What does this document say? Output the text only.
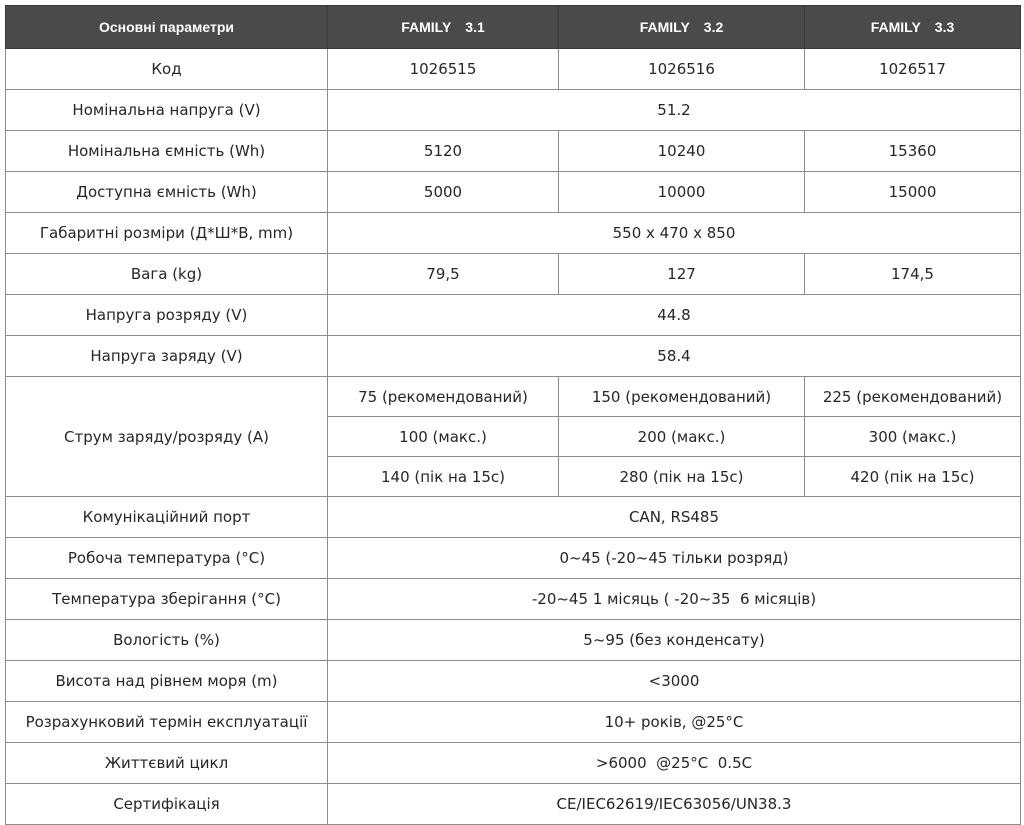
Основні параметри	FAMILY 3.1	FAMILY 3.2	FAMILY 3.3
Код	1026515	1026516	1026517
Номінальна напруга (V)	51.2		
Номінальна ємність (Wh)	5120	10240	15360
Доступна ємність (Wh)	5000	10000	15000
Габаритні розміри (Д*Ш*В, mm)	550 x 470 x 850		
Вага (kg)	79,5	127	174,5
Напруга розряду (V)	44.8		
Напруга заряду (V)	58.4		
Струм заряду/розряду (A)	75 (рекомендований)	150 (рекомендований)	225 (рекомендований)
	100 (макс.)	200 (макс.)	300 (макс.)
	140 (пік на 15с)	280 (пік на 15с)	420 (пік на 15с)
Комунікаційний порт	CAN, RS485		
Робоча температура (°C)	0~45 (-20~45 тільки розряд)		
Температура зберігання (°C)	-20~45 1 місяць ( -20~35  6 місяців)		
Вологість (%)	5~95 (без конденсату)		
Висота над рівнем моря (m)	<3000		
Розрахунковий термін експлуатації	10+ років, @25°C		
Життєвий цикл	>6000  @25°C  0.5C		
Сертифікація	CE/IEC62619/IEC63056/UN38.3		
